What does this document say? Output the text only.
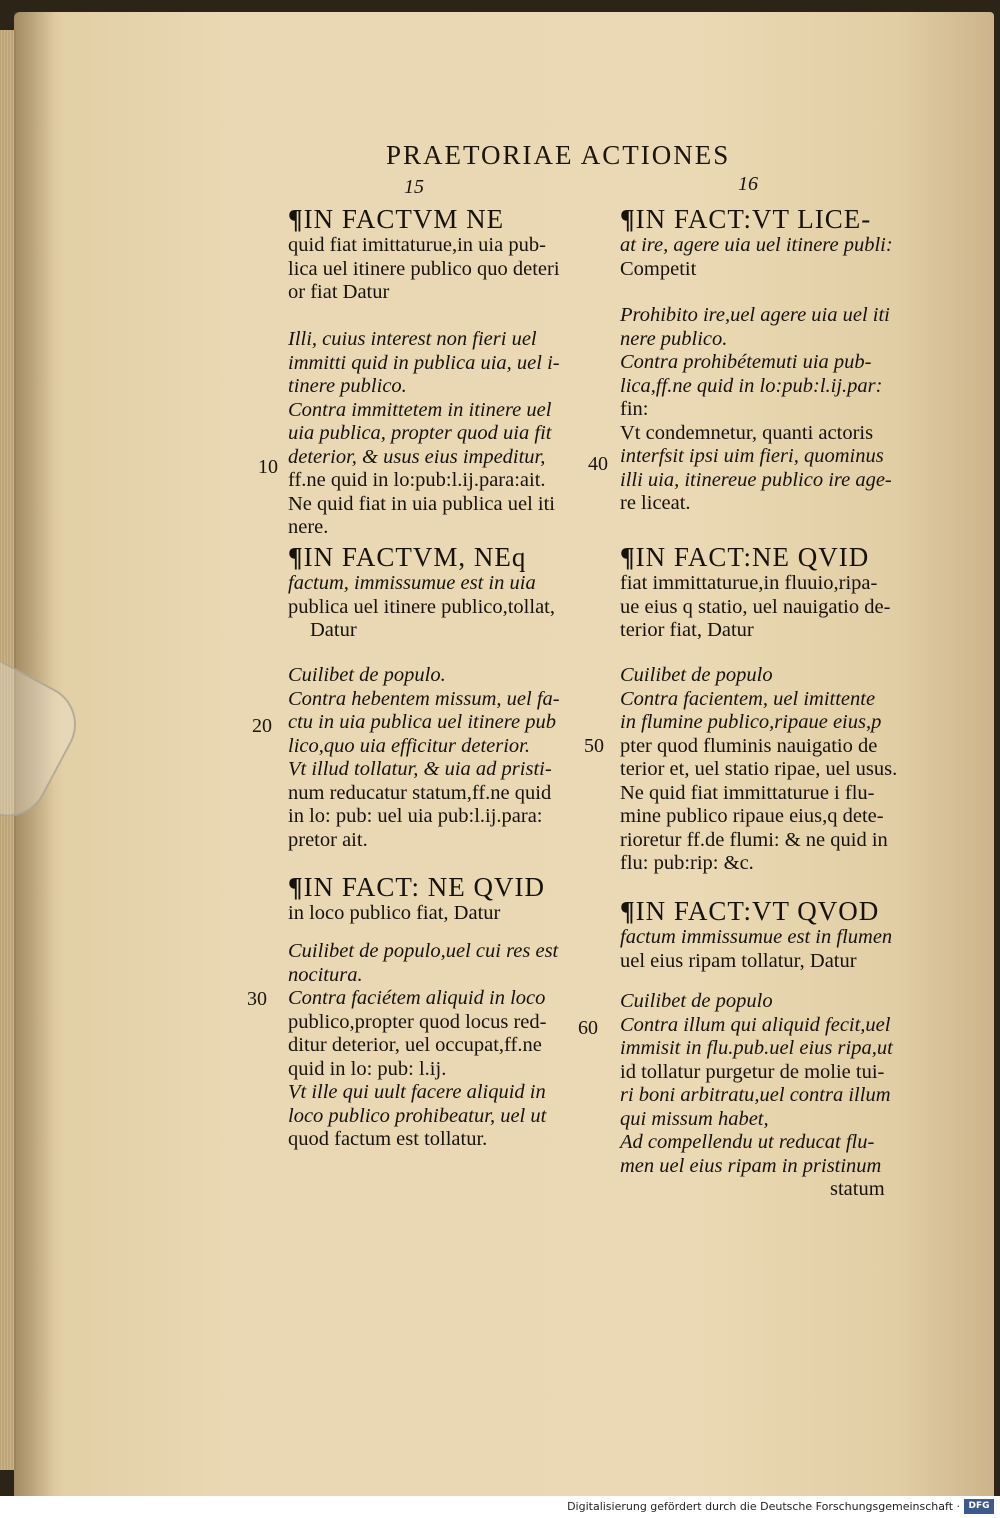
PRAETORIAE ACTIONES
15	16
10
20
30
40
50
60
¶IN FACTVM NE
quid fiat imittaturue,in uia pub-
lica uel itinere publico quo deteri
or fiat Datur
Illi, cuius interest non fieri uel
immitti quid in publica uia, uel i-
tinere publico.
Contra immittetem in itinere uel
uia publica, propter quod uia fit
deterior, & usus eius impeditur,
ff.ne quid in lo:pub:l.ij.para:ait.
Ne quid fiat in uia publica uel iti
nere.
¶IN FACTVM, NEq
factum, immissumue est in uia
publica uel itinere publico,tollat,
Datur
Cuilibet de populo.
Contra hebentem missum, uel fa-
ctu in uia publica uel itinere pub
lico,quo uia efficitur deterior.
Vt illud tollatur, & uia ad pristi-
num reducatur statum,ff.ne quid
in lo: pub: uel uia pub:l.ij.para:
pretor ait.
¶IN FACT: NE QVID
in loco publico fiat, Datur
Cuilibet de populo,uel cui res est
nocitura.
Contra faciétem aliquid in loco
publico,propter quod locus red-
ditur deterior, uel occupat,ff.ne
quid in lo: pub: l.ij.
Vt ille qui uult facere aliquid in
loco publico prohibeatur, uel ut
quod factum est tollatur.
¶IN FACT:VT LICE-
at ire, agere uia uel itinere publi:
Competit
Prohibito ire,uel agere uia uel iti
nere publico.
Contra prohibétemuti uia pub-
lica,ff.ne quid in lo:pub:l.ij.par:
fin:
Vt condemnetur, quanti actoris
interfsit ipsi uim fieri, quominus
illi uia, itinereue publico ire age-
re liceat.
¶IN FACT:NE QVID
fiat immittaturue,in fluuio,ripa-
ue eius q statio, uel nauigatio de-
terior fiat, Datur
Cuilibet de populo
Contra facientem, uel imittente
in flumine publico,ripaue eius,p
pter quod fluminis nauigatio de
terior et, uel statio ripae, uel usus.
Ne quid fiat immittaturue i flu-
mine publico ripaue eius,q dete-
rioretur ff.de flumi: & ne quid in
flu: pub:rip: &c.
¶IN FACT:VT QVOD
factum immissumue est in flumen
uel eius ripam tollatur, Datur
Cuilibet de populo
Contra illum qui aliquid fecit,uel
immisit in flu.pub.uel eius ripa,ut
id tollatur purgetur de molie tui-
ri boni arbitratu,uel contra illum
qui missum habet,
Ad compellendu ut reducat flu-
men uel eius ripam in pristinum
statum
Digitalisierung gefördert durch die Deutsche Forschungsgemeinschaft · DFG
